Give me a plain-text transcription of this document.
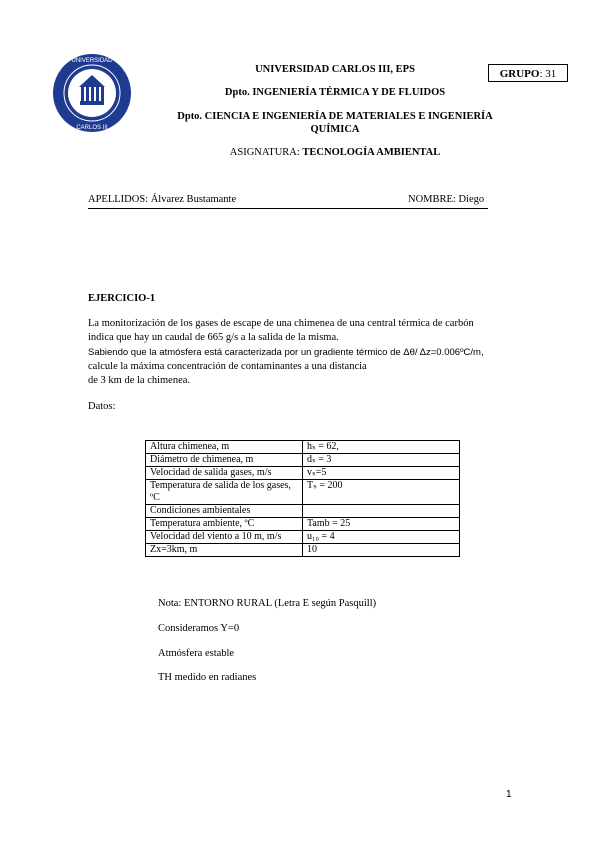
UNIVERSIDAD
CARLOS III
UNIVERSIDAD CARLOS III, EPS
Dpto. INGENIERÍA TÉRMICA Y DE FLUIDOS
Dpto. CIENCIA E INGENIERÍA DE MATERIALES E INGENIERÍA
QUÍMICA
ASIGNATURA: TECNOLOGÍA AMBIENTAL
GRUPO: 31
APELLIDOS: Álvarez Bustamante	NOMBRE: Diego
EJERCICIO-1
La monitorización de los gases de escape de una chimenea de una central térmica de carbón
indica que hay un caudal de 665 g/s a la salida de la misma.
Sabiendo que la atmósfera está caracterizada por un gradiente térmico de Δθ/ Δz=0.006ºC/m,
calcule la máxima concentración de contaminantes a una distancia
de 3 km de la chimenea.
Datos:
Altura chimenea, m	hₛ = 62,
Diámetro de chimenea, m	dₛ = 3
Velocidad de salida gases, m/s	vₛ=5
Temperatura de salida de los gases, ºC	Tₛ = 200
Condiciones ambientales	
Temperatura ambiente, ºC	Tamb = 25
Velocidad del viento a 10 m, m/s	u₁₀ = 4
Zx=3km, m	10
Nota: ENTORNO RURAL (Letra E según Pasquill)
Consideramos Y=0
Atmósfera estable
TH medido en radianes
1
